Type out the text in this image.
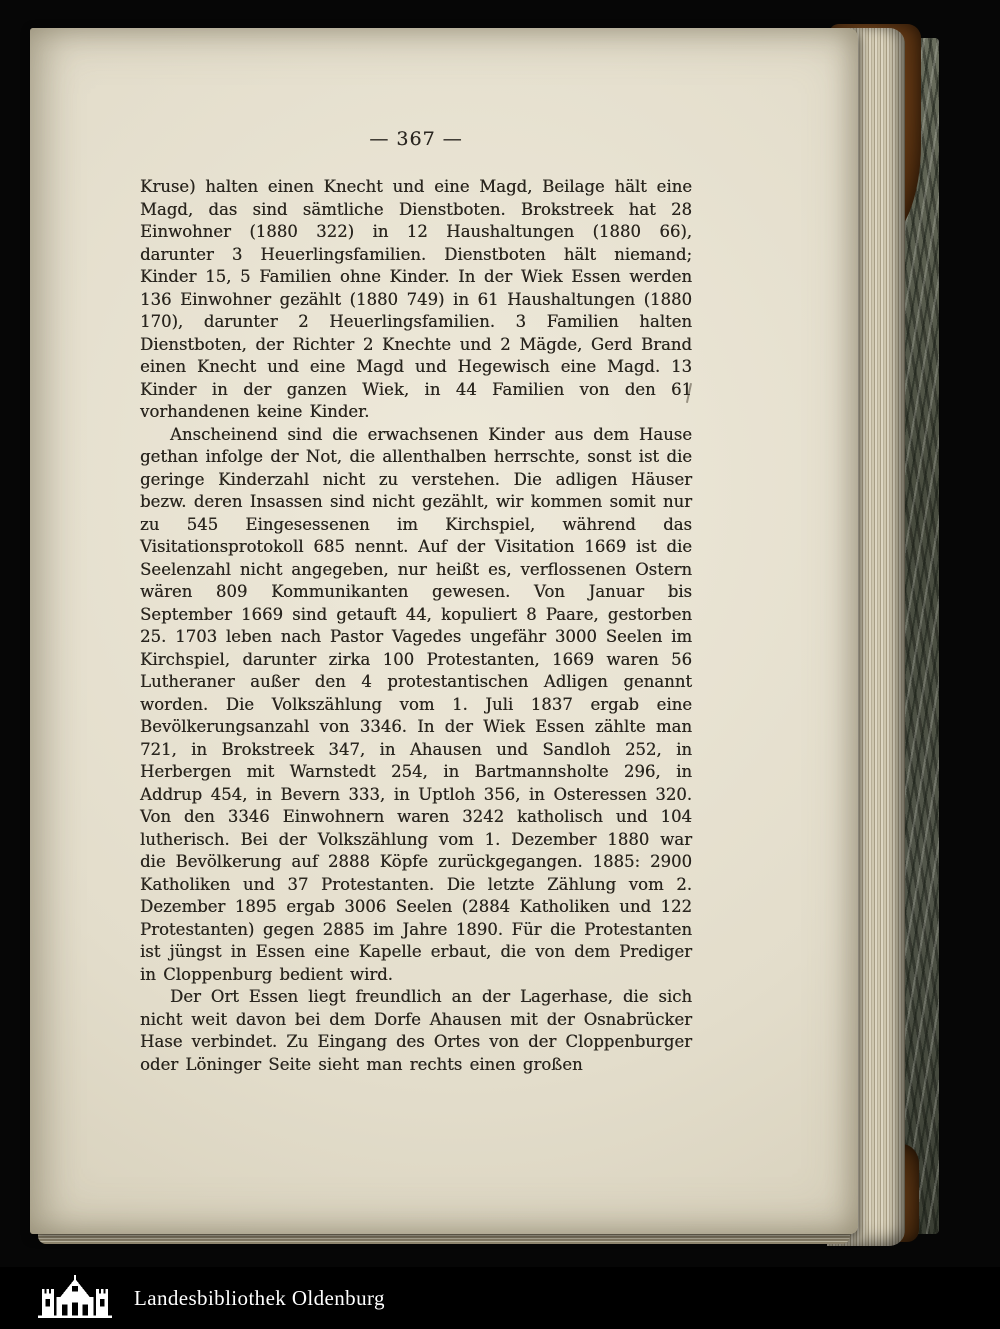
— 367 —

Kruse) halten einen Knecht und eine Magd, Beilage hält eine Magd, das sind sämtliche Dienstboten. Brokstreek hat 28 Einwohner (1880 322) in 12 Haushaltungen (1880 66), darunter 3 Heuerlingsfamilien. Dienstboten hält niemand; Kinder 15, 5 Familien ohne Kinder. In der Wiek Essen werden 136 Einwohner gezählt (1880 749) in 61 Haushaltungen (1880 170), darunter 2 Heuerlingsfamilien. 3 Familien halten Dienstboten, der Richter 2 Knechte und 2 Mägde, Gerd Brand einen Knecht und eine Magd und Hegewisch eine Magd. 13 Kinder in der ganzen Wiek, in 44 Familien von den 61 vorhandenen keine Kinder.

Anscheinend sind die erwachsenen Kinder aus dem Hause gethan infolge der Not, die allenthalben herrschte, sonst ist die geringe Kinderzahl nicht zu verstehen. Die adligen Häuser bezw. deren Insassen sind nicht gezählt, wir kommen somit nur zu 545 Eingesessenen im Kirchspiel, während das Visitationsprotokoll 685 nennt. Auf der Visitation 1669 ist die Seelenzahl nicht angegeben, nur heißt es, verflossenen Ostern wären 809 Kommunikanten gewesen. Von Januar bis September 1669 sind getauft 44, kopuliert 8 Paare, gestorben 25. 1703 leben nach Pastor Vagedes ungefähr 3000 Seelen im Kirchspiel, darunter zirka 100 Protestanten, 1669 waren 56 Lutheraner außer den 4 protestantischen Adligen genannt worden. Die Volkszählung vom 1. Juli 1837 ergab eine Bevölkerungsanzahl von 3346. In der Wiek Essen zählte man 721, in Brokstreek 347, in Ahausen und Sandloh 252, in Herbergen mit Warnstedt 254, in Bartmannsholte 296, in Addrup 454, in Bevern 333, in Uptloh 356, in Osteressen 320. Von den 3346 Einwohnern waren 3242 katholisch und 104 lutherisch. Bei der Volkszählung vom 1. Dezember 1880 war die Bevölkerung auf 2888 Köpfe zurückgegangen. 1885: 2900 Katholiken und 37 Protestanten. Die letzte Zählung vom 2. Dezember 1895 ergab 3006 Seelen (2884 Katholiken und 122 Protestanten) gegen 2885 im Jahre 1890. Für die Protestanten ist jüngst in Essen eine Kapelle erbaut, die von dem Prediger in Cloppenburg bedient wird.

Der Ort Essen liegt freundlich an der Lagerhase, die sich nicht weit davon bei dem Dorfe Ahausen mit der Osnabrücker Hase verbindet. Zu Eingang des Ortes von der Cloppenburger oder Löninger Seite sieht man rechts einen großen

Landesbibliothek Oldenburg
